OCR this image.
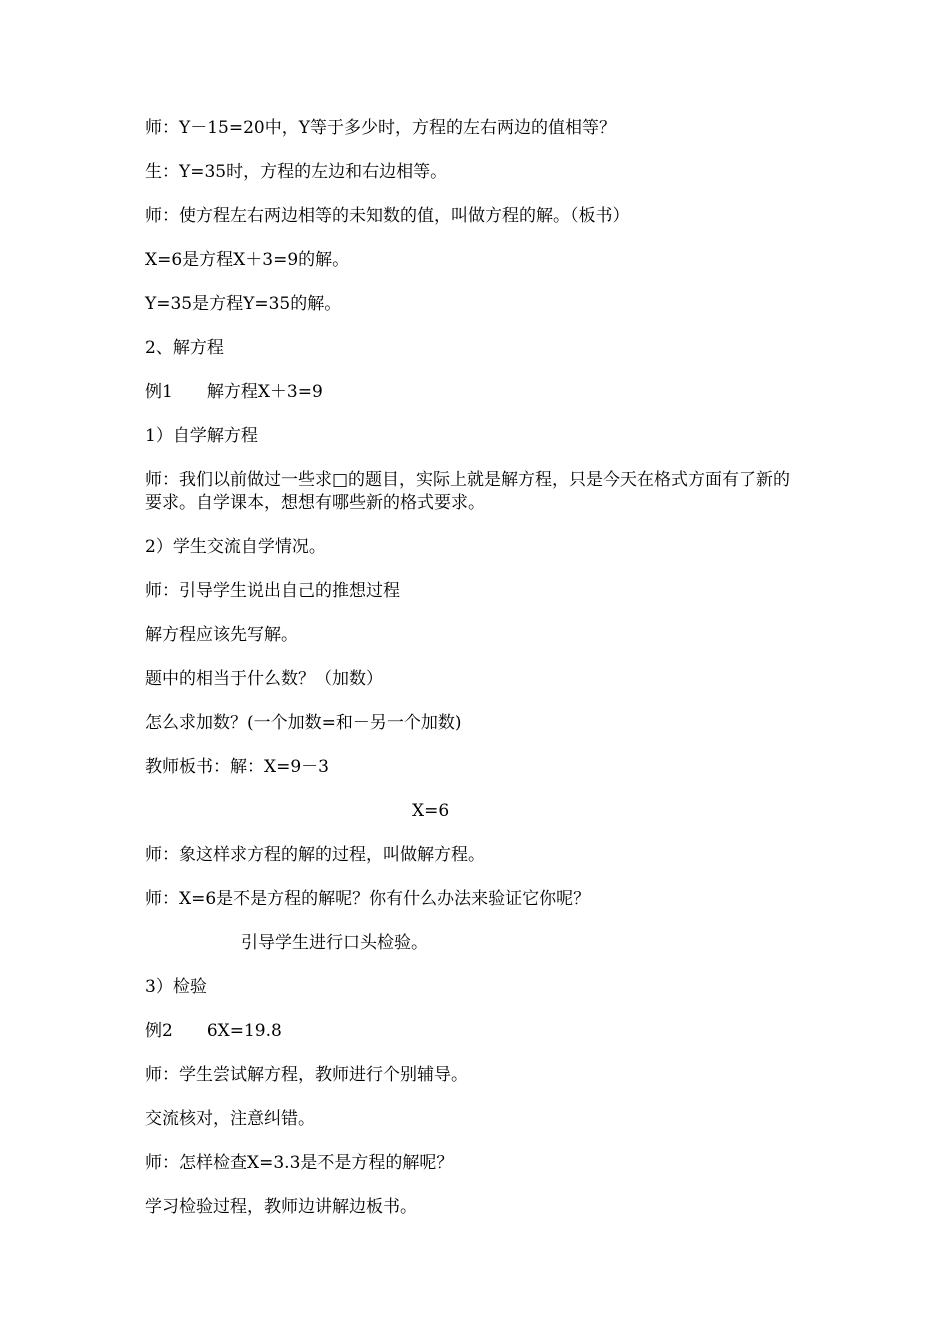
师：Y－15=20中，Y等于多少时，方程的左右两边的值相等？

生：Y=35时，方程的左边和右边相等。

师：使方程左右两边相等的未知数的值，叫做方程的解。（板书）

X=6是方程X＋3=9的解。

Y=35是方程Y=35的解。

2、解方程

例1　　解方程X＋3=9

1）自学解方程

师：我们以前做过一些求□的题目，实际上就是解方程，只是今天在格式方面有了新的要求。自学课本，想想有哪些新的格式要求。

2）学生交流自学情况。

师：引导学生说出自己的推想过程

解方程应该先写解。

题中的相当于什么数？（加数）

怎么求加数？(一个加数=和－另一个加数)

教师板书：解：X=9－3

X=6

师：象这样求方程的解的过程，叫做解方程。

师：X=6是不是方程的解呢？你有什么办法来验证它你呢？

引导学生进行口头检验。

3）检验

例2　　6X=19.8

师：学生尝试解方程，教师进行个别辅导。

交流核对，注意纠错。

师：怎样检查X=3.3是不是方程的解呢？

学习检验过程，教师边讲解边板书。
